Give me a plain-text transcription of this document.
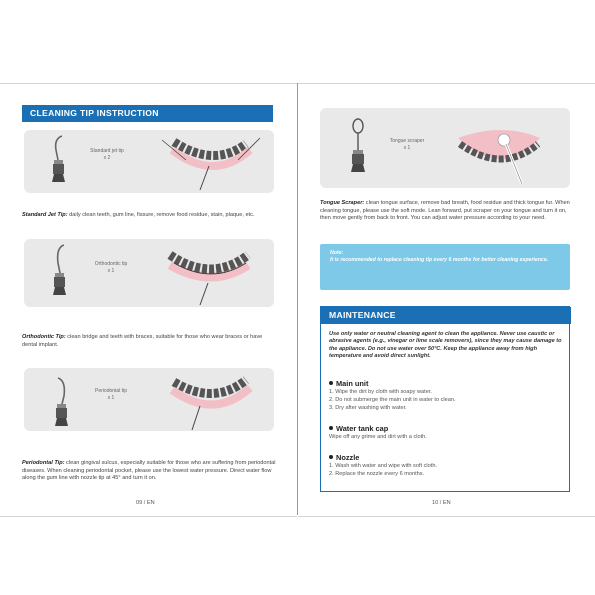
CLEANING TIP INSTRUCTION
Standard jet tip
x 2
Standard Jet Tip: daily clean teeth, gum line, fissure, remove food residue, stain, plaque, etc.
Orthodontic tip
x 1
Orthodontic Tip: clean bridge and teeth with braces, suitable for those who wear braces or have dental implant.
Periodontal tip
x 1
Periodontal Tip: clean gingival sulcus, especially suitable for those who are suffering from periodontal diseases. When cleaning periodontal pocket, please use the lowest water pressure. Direct water flow along the gum line with nozzle tip at 45° and turn it on.
09 / EN
Tongue scraper
x 1
Tongue Scraper: clean tongue surface, remove bad breath, food residue and thick tongue fur. When cleaning tongue, please use the soft mode. Lean forward, put scraper on your tongue and turn it on, then move gently from back to front. You can adjust water pressure according to your need.
Note:
It is recommended to replace cleaning tip every 6 months for better cleaning experience.
MAINTENANCE
Use only water or neutral cleaning agent to clean the appliance. Never use caustic or abrasive agents (e.g., vinegar or lime scale removers), since they may cause damage to the appliance. Do not use water over 50°C. Keep the appliance away from high temperature and avoid direct sunlight.
Main unit
1. Wipe the dirt by cloth with soapy water.
2. Do not submerge the main unit in water to clean.
3. Dry after washing with water.
Water tank cap
Wipe off any grime and dirt with a cloth.
Nozzle
1. Wash with water and wipe with soft cloth.
2. Replace the nozzle every 6 months.
10 / EN
